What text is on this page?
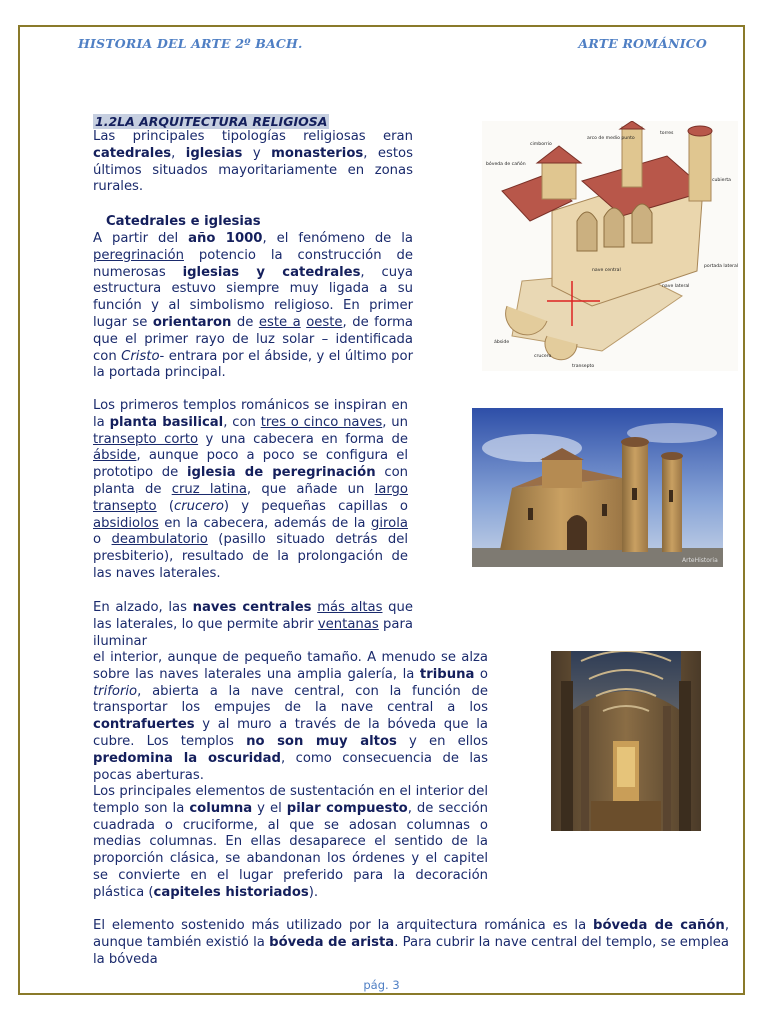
HISTORIA DEL ARTE 2º BACH.	ARTE ROMÁNICO
1.2LA ARQUITECTURA RELIGIOSA
Las principales tipologías religiosas eran catedrales, iglesias y monasterios, estos últimos situados mayoritariamente en zonas rurales.
Catedrales e iglesias
A partir del año 1000, el fenómeno de la peregrinación potencio la construcción de numerosas iglesias y catedrales, cuya estructura estuvo siempre muy ligada a su función y al simbolismo religioso. En primer lugar se orientaron de este a oeste, de forma que el primer rayo de luz solar – identificada con Cristo- entrara por el ábside, y el último por la portada principal.
Los primeros templos románicos se inspiran en la planta basilical, con tres o cinco naves, un transepto corto y una cabecera en forma de ábside, aunque poco a poco se configura el prototipo de iglesia de peregrinación con planta de cruz latina, que añade un largo transepto (crucero) y pequeñas capillas o absidiolos en la cabecera, además de la girola o deambulatorio (pasillo situado detrás del presbiterio), resultado de la prolongación de las naves laterales.
En alzado, las naves centrales más altas que las laterales, lo que permite abrir ventanas para iluminar
el interior, aunque de pequeño tamaño. A menudo se alza sobre las naves laterales una amplia galería, la tribuna o triforio, abierta a la nave central, con la función de transportar los empujes de la nave central a los contrafuertes y al muro a través de la bóveda que la cubre. Los templos no son muy altos y en ellos predomina la oscuridad, como consecuencia de las pocas aberturas.
Los principales elementos de sustentación en el interior del templo son la columna y el pilar compuesto, de sección cuadrada o cruciforme, al que se adosan columnas o medias columnas. En ellas desaparece el sentido de la proporción clásica, se abandonan los órdenes y el capitel se convierte en el lugar preferido para la decoración plástica (capiteles historiados).
El elemento sostenido más utilizado por la arquitectura románica es la bóveda de cañón, aunque también existió la bóveda de arista. Para cubrir la nave central del templo, se emplea la bóveda
torres
arco de medio punto
cimborrio
bóveda de cañón
cubierta
nave central
portada lateral
nave lateral
ábside
crucero
transepto
ArteHistoria
pág. 3
